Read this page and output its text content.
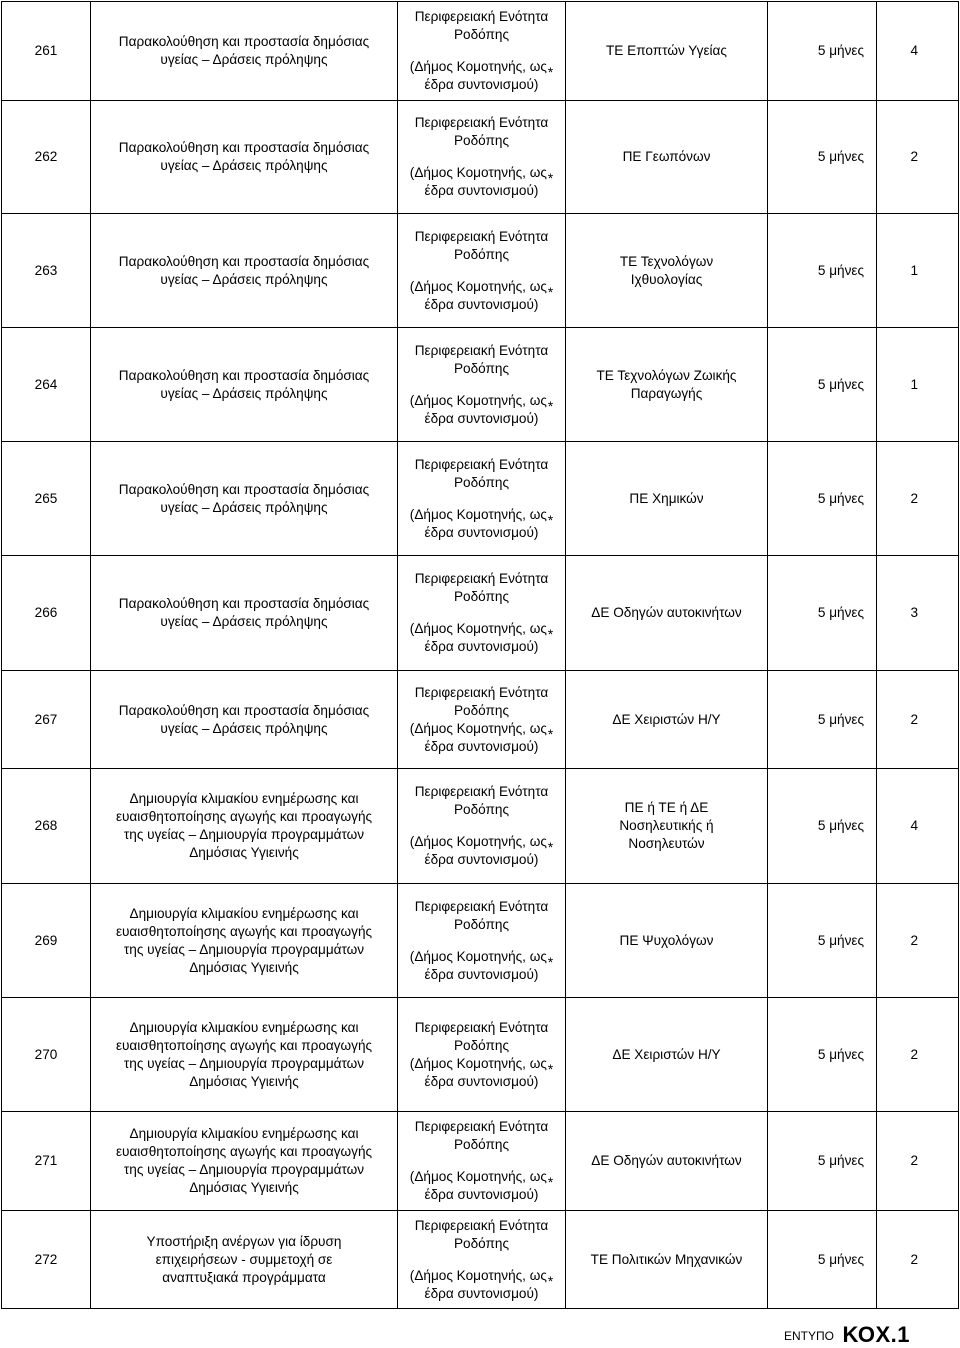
261	Παρακολούθηση και προστασία δημόσιας
υγείας – Δράσεις πρόληψης	Περιφερειακή Ενότητα
Ροδόπης
(Δήμος Κομοτηνής, ως*
έδρα συντονισμού)	ΤΕ Εποπτών Υγείας	5 μήνες	4
262	Παρακολούθηση και προστασία δημόσιας
υγείας – Δράσεις πρόληψης	Περιφερειακή Ενότητα
Ροδόπης
(Δήμος Κομοτηνής, ως*
έδρα συντονισμού)	ΠΕ Γεωπόνων	5 μήνες	2
263	Παρακολούθηση και προστασία δημόσιας
υγείας – Δράσεις πρόληψης	Περιφερειακή Ενότητα
Ροδόπης
(Δήμος Κομοτηνής, ως*
έδρα συντονισμού)	ΤΕ Τεχνολόγων
Ιχθυολογίας	5 μήνες	1
264	Παρακολούθηση και προστασία δημόσιας
υγείας – Δράσεις πρόληψης	Περιφερειακή Ενότητα
Ροδόπης
(Δήμος Κομοτηνής, ως*
έδρα συντονισμού)	ΤΕ Τεχνολόγων Ζωικής
Παραγωγής	5 μήνες	1
265	Παρακολούθηση και προστασία δημόσιας
υγείας – Δράσεις πρόληψης	Περιφερειακή Ενότητα
Ροδόπης
(Δήμος Κομοτηνής, ως*
έδρα συντονισμού)	ΠΕ Χημικών	5 μήνες	2
266	Παρακολούθηση και προστασία δημόσιας
υγείας – Δράσεις πρόληψης	Περιφερειακή Ενότητα
Ροδόπης
(Δήμος Κομοτηνής, ως*
έδρα συντονισμού)	ΔΕ Οδηγών αυτοκινήτων	5 μήνες	3
267	Παρακολούθηση και προστασία δημόσιας
υγείας – Δράσεις πρόληψης	Περιφερειακή Ενότητα
Ροδόπης
(Δήμος Κομοτηνής, ως*
έδρα συντονισμού)	ΔΕ Χειριστών Η/Υ	5 μήνες	2
268	Δημιουργία κλιμακίου ενημέρωσης και
ευαισθητοποίησης αγωγής και προαγωγής
της υγείας – Δημιουργία προγραμμάτων
Δημόσιας Υγιεινής	Περιφερειακή Ενότητα
Ροδόπης
(Δήμος Κομοτηνής, ως*
έδρα συντονισμού)	ΠΕ ή ΤΕ ή ΔΕ
Νοσηλευτικής ή
Νοσηλευτών	5 μήνες	4
269	Δημιουργία κλιμακίου ενημέρωσης και
ευαισθητοποίησης αγωγής και προαγωγής
της υγείας – Δημιουργία προγραμμάτων
Δημόσιας Υγιεινής	Περιφερειακή Ενότητα
Ροδόπης
(Δήμος Κομοτηνής, ως*
έδρα συντονισμού)	ΠΕ Ψυχολόγων	5 μήνες	2
270	Δημιουργία κλιμακίου ενημέρωσης και
ευαισθητοποίησης αγωγής και προαγωγής
της υγείας – Δημιουργία προγραμμάτων
Δημόσιας Υγιεινής	Περιφερειακή Ενότητα
Ροδόπης
(Δήμος Κομοτηνής, ως*
έδρα συντονισμού)	ΔΕ Χειριστών Η/Υ	5 μήνες	2
271	Δημιουργία κλιμακίου ενημέρωσης και
ευαισθητοποίησης αγωγής και προαγωγής
της υγείας – Δημιουργία προγραμμάτων
Δημόσιας Υγιεινής	Περιφερειακή Ενότητα
Ροδόπης
(Δήμος Κομοτηνής, ως*
έδρα συντονισμού)	ΔΕ Οδηγών αυτοκινήτων	5 μήνες	2
272	Υποστήριξη ανέργων για ίδρυση
επιχειρήσεων - συμμετοχή σε
αναπτυξιακά προγράμματα	Περιφερειακή Ενότητα
Ροδόπης
(Δήμος Κομοτηνής, ως*
έδρα συντονισμού)	ΤΕ Πολιτικών Μηχανικών	5 μήνες	2
ΕΝΤΥΠΟ ΚΟΧ.1
